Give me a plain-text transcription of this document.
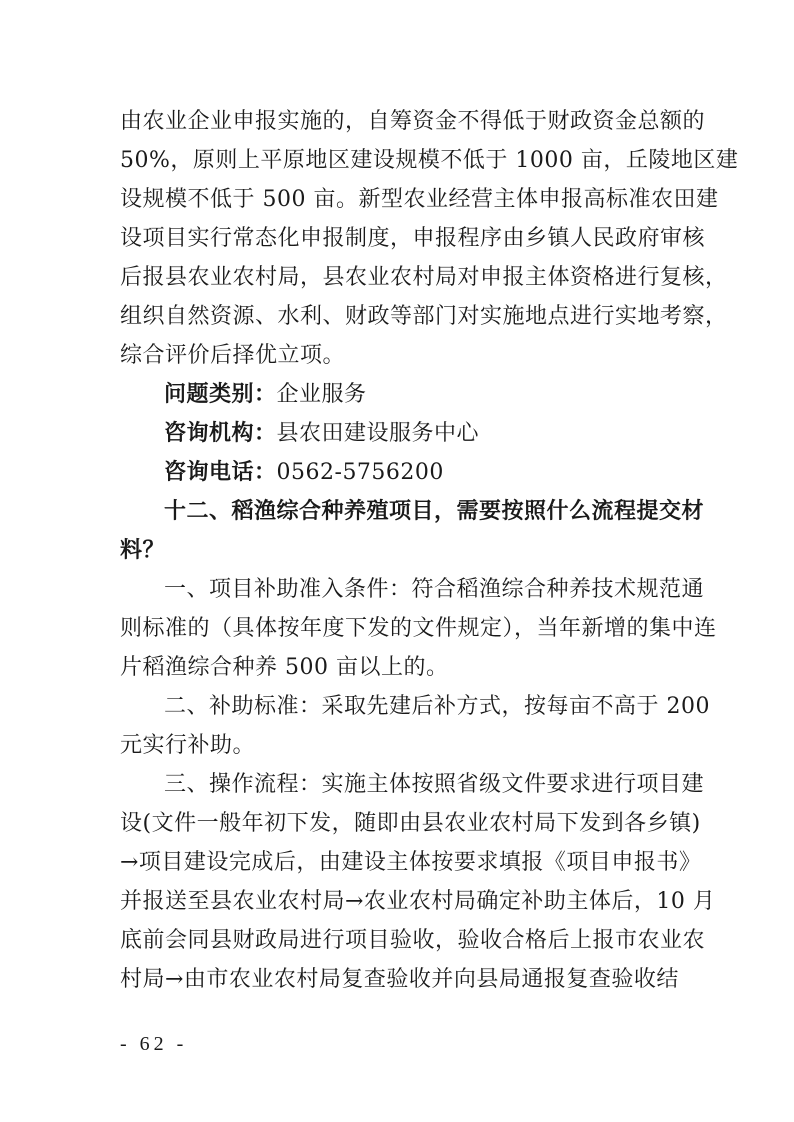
由农业企业申报实施的，自筹资金不得低于财政资金总额的
50%，原则上平原地区建设规模不低于 1000 亩，丘陵地区建
设规模不低于 500 亩。新型农业经营主体申报高标准农田建
设项目实行常态化申报制度，申报程序由乡镇人民政府审核
后报县农业农村局，县农业农村局对申报主体资格进行复核，
组织自然资源、水利、财政等部门对实施地点进行实地考察，
综合评价后择优立项。
问题类别：企业服务
咨询机构：县农田建设服务中心
咨询电话：0562-5756200
十二、稻渔综合种养殖项目，需要按照什么流程提交材
料？
一、项目补助准入条件：符合稻渔综合种养技术规范通
则标准的（具体按年度下发的文件规定），当年新增的集中连
片稻渔综合种养 500 亩以上的。
二、补助标准：采取先建后补方式，按每亩不高于 200
元实行补助。
三、操作流程：实施主体按照省级文件要求进行项目建
设(文件一般年初下发，随即由县农业农村局下发到各乡镇)
→项目建设完成后，由建设主体按要求填报《项目申报书》
并报送至县农业农村局→农业农村局确定补助主体后，10 月
底前会同县财政局进行项目验收，验收合格后上报市农业农
村局→由市农业农村局复查验收并向县局通报复查验收结
- 62 -
